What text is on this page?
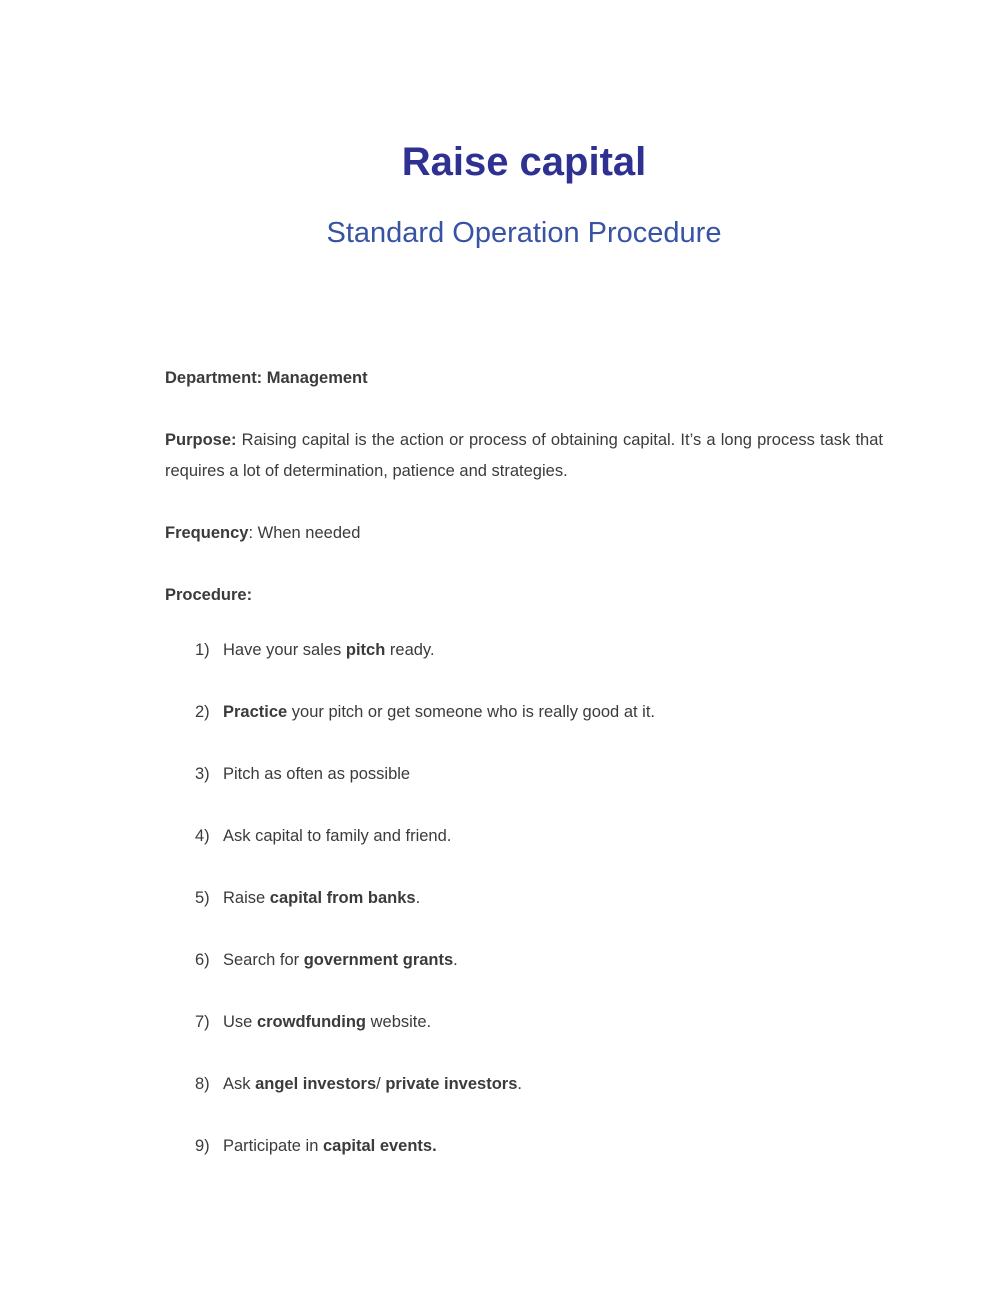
Raise capital
Standard Operation Procedure

Department: Management

Purpose: Raising capital is the action or process of obtaining capital. It’s a long process task that requires a lot of determination, patience and strategies.

Frequency: When needed

Procedure:

1) Have your sales pitch ready.
2) Practice your pitch or get someone who is really good at it.
3) Pitch as often as possible
4) Ask capital to family and friend.
5) Raise capital from banks.
6) Search for government grants.
7) Use crowdfunding website.
8) Ask angel investors/ private investors.
9) Participate in capital events.
